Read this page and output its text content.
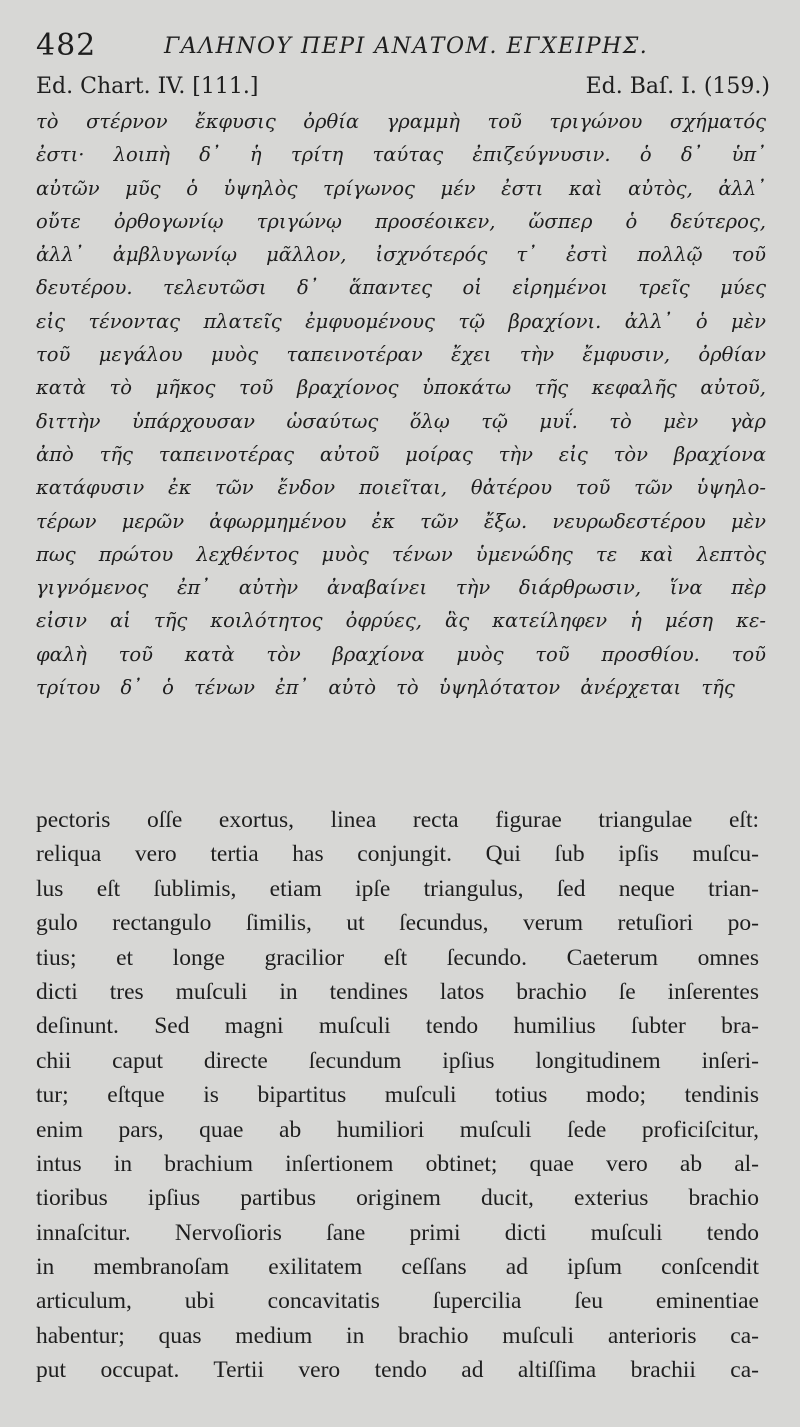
482	ΓΑΛΗΝΟΥ ΠΕΡΙ ΑΝΑΤΟΜ. ΕΓΧΕΙΡΗΣ.
Ed. Chart. IV. [111.]	Ed. Baſ. I. (159.)
τὸ στέρνον ἔκφυσις ὀρθία γραμμὴ τοῦ τριγώνου σχήματός
ἐστι· λοιπὴ δ᾽ ἡ τρίτη ταύτας ἐπιζεύγνυσιν. ὁ δ᾽ ὑπ᾽
αὐτῶν μῦς ὁ ὑψηλὸς τρίγωνος μέν ἐστι καὶ αὐτὸς, ἀλλ᾽
οὔτε ὀρθογωνίῳ τριγώνῳ προσέοικεν, ὥσπερ ὁ δεύτερος,
ἀλλ᾽ ἀμβλυγωνίῳ μᾶλλον, ἰσχνότερός τ᾽ ἐστὶ πολλῷ τοῦ
δευτέρου. τελευτῶσι δ᾽ ἅπαντες οἱ εἰρημένοι τρεῖς μύες
εἰς τένοντας πλατεῖς ἐμφυομένους τῷ βραχίονι. ἀλλ᾽ ὁ μὲν
τοῦ μεγάλου μυὸς ταπεινοτέραν ἔχει τὴν ἔμφυσιν, ὀρθίαν
κατὰ τὸ μῆκος τοῦ βραχίονος ὑποκάτω τῆς κεφαλῆς αὐτοῦ,
διττὴν ὑπάρχουσαν ὡσαύτως ὅλῳ τῷ μυΐ. τὸ μὲν γὰρ
ἀπὸ τῆς ταπεινοτέρας αὐτοῦ μοίρας τὴν εἰς τὸν βραχίονα
κατάφυσιν ἐκ τῶν ἔνδον ποιεῖται, θἀτέρου τοῦ τῶν ὑψηλο-
τέρων μερῶν ἀφωρμημένου ἐκ τῶν ἔξω. νευρωδεστέρου μὲν
πως πρώτου λεχθέντος μυὸς τένων ὑμενώδης τε καὶ λεπτὸς
γιγνόμενος ἐπ᾽ αὐτὴν ἀναβαίνει τὴν διάρθρωσιν, ἵνα πὲρ
εἰσιν αἱ τῆς κοιλότητος ὀφρύες, ἃς κατείληφεν ἡ μέση κε-
φαλὴ τοῦ κατὰ τὸν βραχίονα μυὸς τοῦ προσθίου. τοῦ
τρίτου δ᾽ ὁ τένων ἐπ᾽ αὐτὸ τὸ ὑψηλότατον ἀνέρχεται τῆς
pectoris oſſe exortus, linea recta figurae triangulae eſt:
reliqua vero tertia has conjungit. Qui ſub ipſis muſcu-
lus eſt ſublimis, etiam ipſe triangulus, ſed neque trian-
gulo rectangulo ſimilis, ut ſecundus, verum retuſiori po-
tius; et longe gracilior eſt ſecundo. Caeterum omnes
dicti tres muſculi in tendines latos brachio ſe inſerentes
deſinunt. Sed magni muſculi tendo humilius ſubter bra-
chii caput directe ſecundum ipſius longitudinem inſeri-
tur; eſtque is bipartitus muſculi totius modo; tendinis
enim pars, quae ab humiliori muſculi ſede proficiſcitur,
intus in brachium inſertionem obtinet; quae vero ab al-
tioribus ipſius partibus originem ducit, exterius brachio
innaſcitur. Nervoſioris ſane primi dicti muſculi tendo
in membranoſam exilitatem ceſſans ad ipſum conſcendit
articulum, ubi concavitatis ſupercilia ſeu eminentiae
habentur; quas medium in brachio muſculi anterioris ca-
put occupat. Tertii vero tendo ad altiſſima brachii ca-
